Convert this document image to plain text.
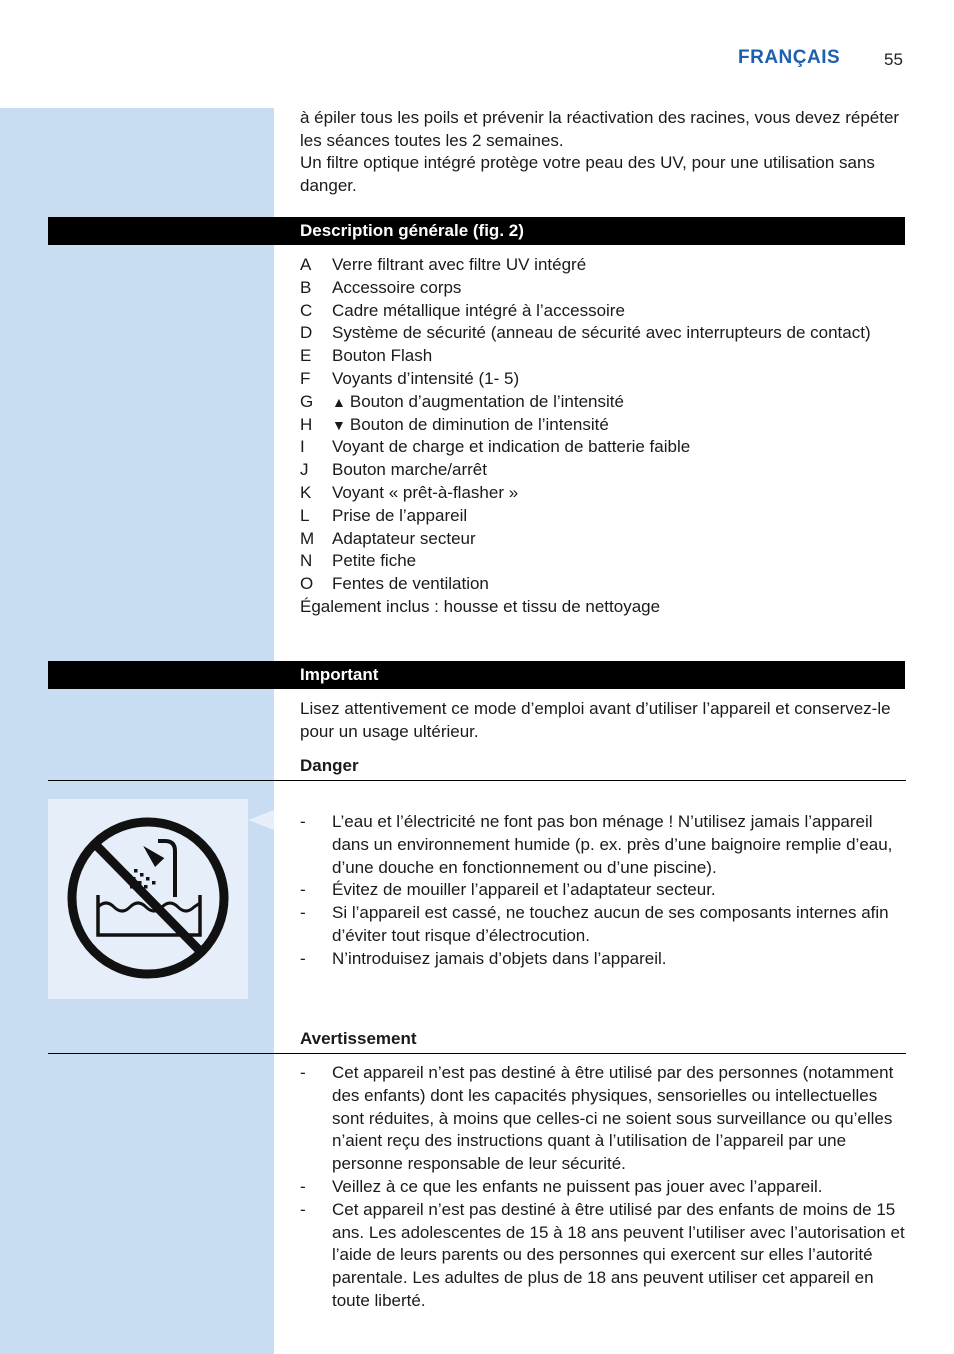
FRANÇAIS	55

à épiler tous les poils et prévenir la réactivation des racines, vous devez répéter les séances toutes les 2 semaines.

Un filtre optique intégré protège votre peau des UV, pour une utilisation sans danger.

Description générale (fig. 2)
A Verre filtrant avec filtre UV intégré
B Accessoire corps
C Cadre métallique intégré à l’accessoire
D Système de sécurité (anneau de sécurité avec interrupteurs de contact)
E Bouton Flash
F Voyants d’intensité (1- 5)
G ▲ Bouton d’augmentation de l’intensité
H ▼ Bouton de diminution de l’intensité
I Voyant de charge et indication de batterie faible
J Bouton marche/arrêt
K Voyant « prêt-à-flasher »
L Prise de l’appareil
M Adaptateur secteur
N Petite fiche
O Fentes de ventilation
Également inclus : housse et tissu de nettoyage
Important

Lisez attentivement ce mode d’emploi avant d’utiliser l’appareil et conservez-le pour un usage ultérieur.

Danger
- L’eau et l’électricité ne font pas bon ménage ! N’utilisez jamais l’appareil dans un environnement humide (p. ex. près d’une baignoire remplie d’eau, d’une douche en fonctionnement ou d’une piscine).
- Évitez de mouiller l’appareil et l’adaptateur secteur.
- Si l’appareil est cassé, ne touchez aucun de ses composants internes afin d’éviter tout risque d’électrocution.
- N’introduisez jamais d’objets dans l’appareil.
Avertissement
- Cet appareil n’est pas destiné à être utilisé par des personnes (notamment des enfants) dont les capacités physiques, sensorielles ou intellectuelles sont réduites, à moins que celles-ci ne soient sous surveillance ou qu’elles n’aient reçu des instructions quant à l’utilisation de l’appareil par une personne responsable de leur sécurité.
- Veillez à ce que les enfants ne puissent pas jouer avec l’appareil.
- Cet appareil n’est pas destiné à être utilisé par des enfants de moins de 15 ans. Les adolescentes de 15 à 18 ans peuvent l’utiliser avec l’autorisation et l’aide de leurs parents ou des personnes qui exercent sur elles l’autorité parentale. Les adultes de plus de 18 ans peuvent utiliser cet appareil en toute liberté.
